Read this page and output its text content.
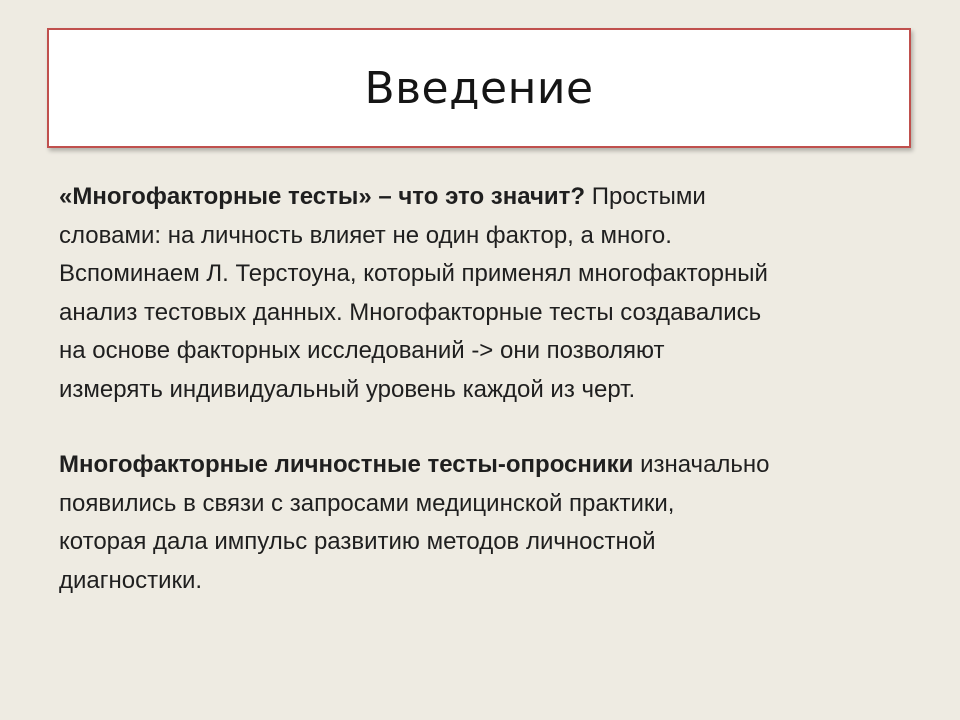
Введение

«Многофакторные тесты» – что это значит? Простыми
словами: на личность влияет не один фактор, а много.
Вспоминаем Л. Терстоуна, который применял многофакторный
анализ тестовых данных. Многофакторные тесты создавались
на основе факторных исследований -> они позволяют
измерять индивидуальный уровень каждой из черт.

Многофакторные личностные тесты-опросники изначально
появились в связи с запросами медицинской практики,
которая дала импульс развитию методов личностной
диагностики.
